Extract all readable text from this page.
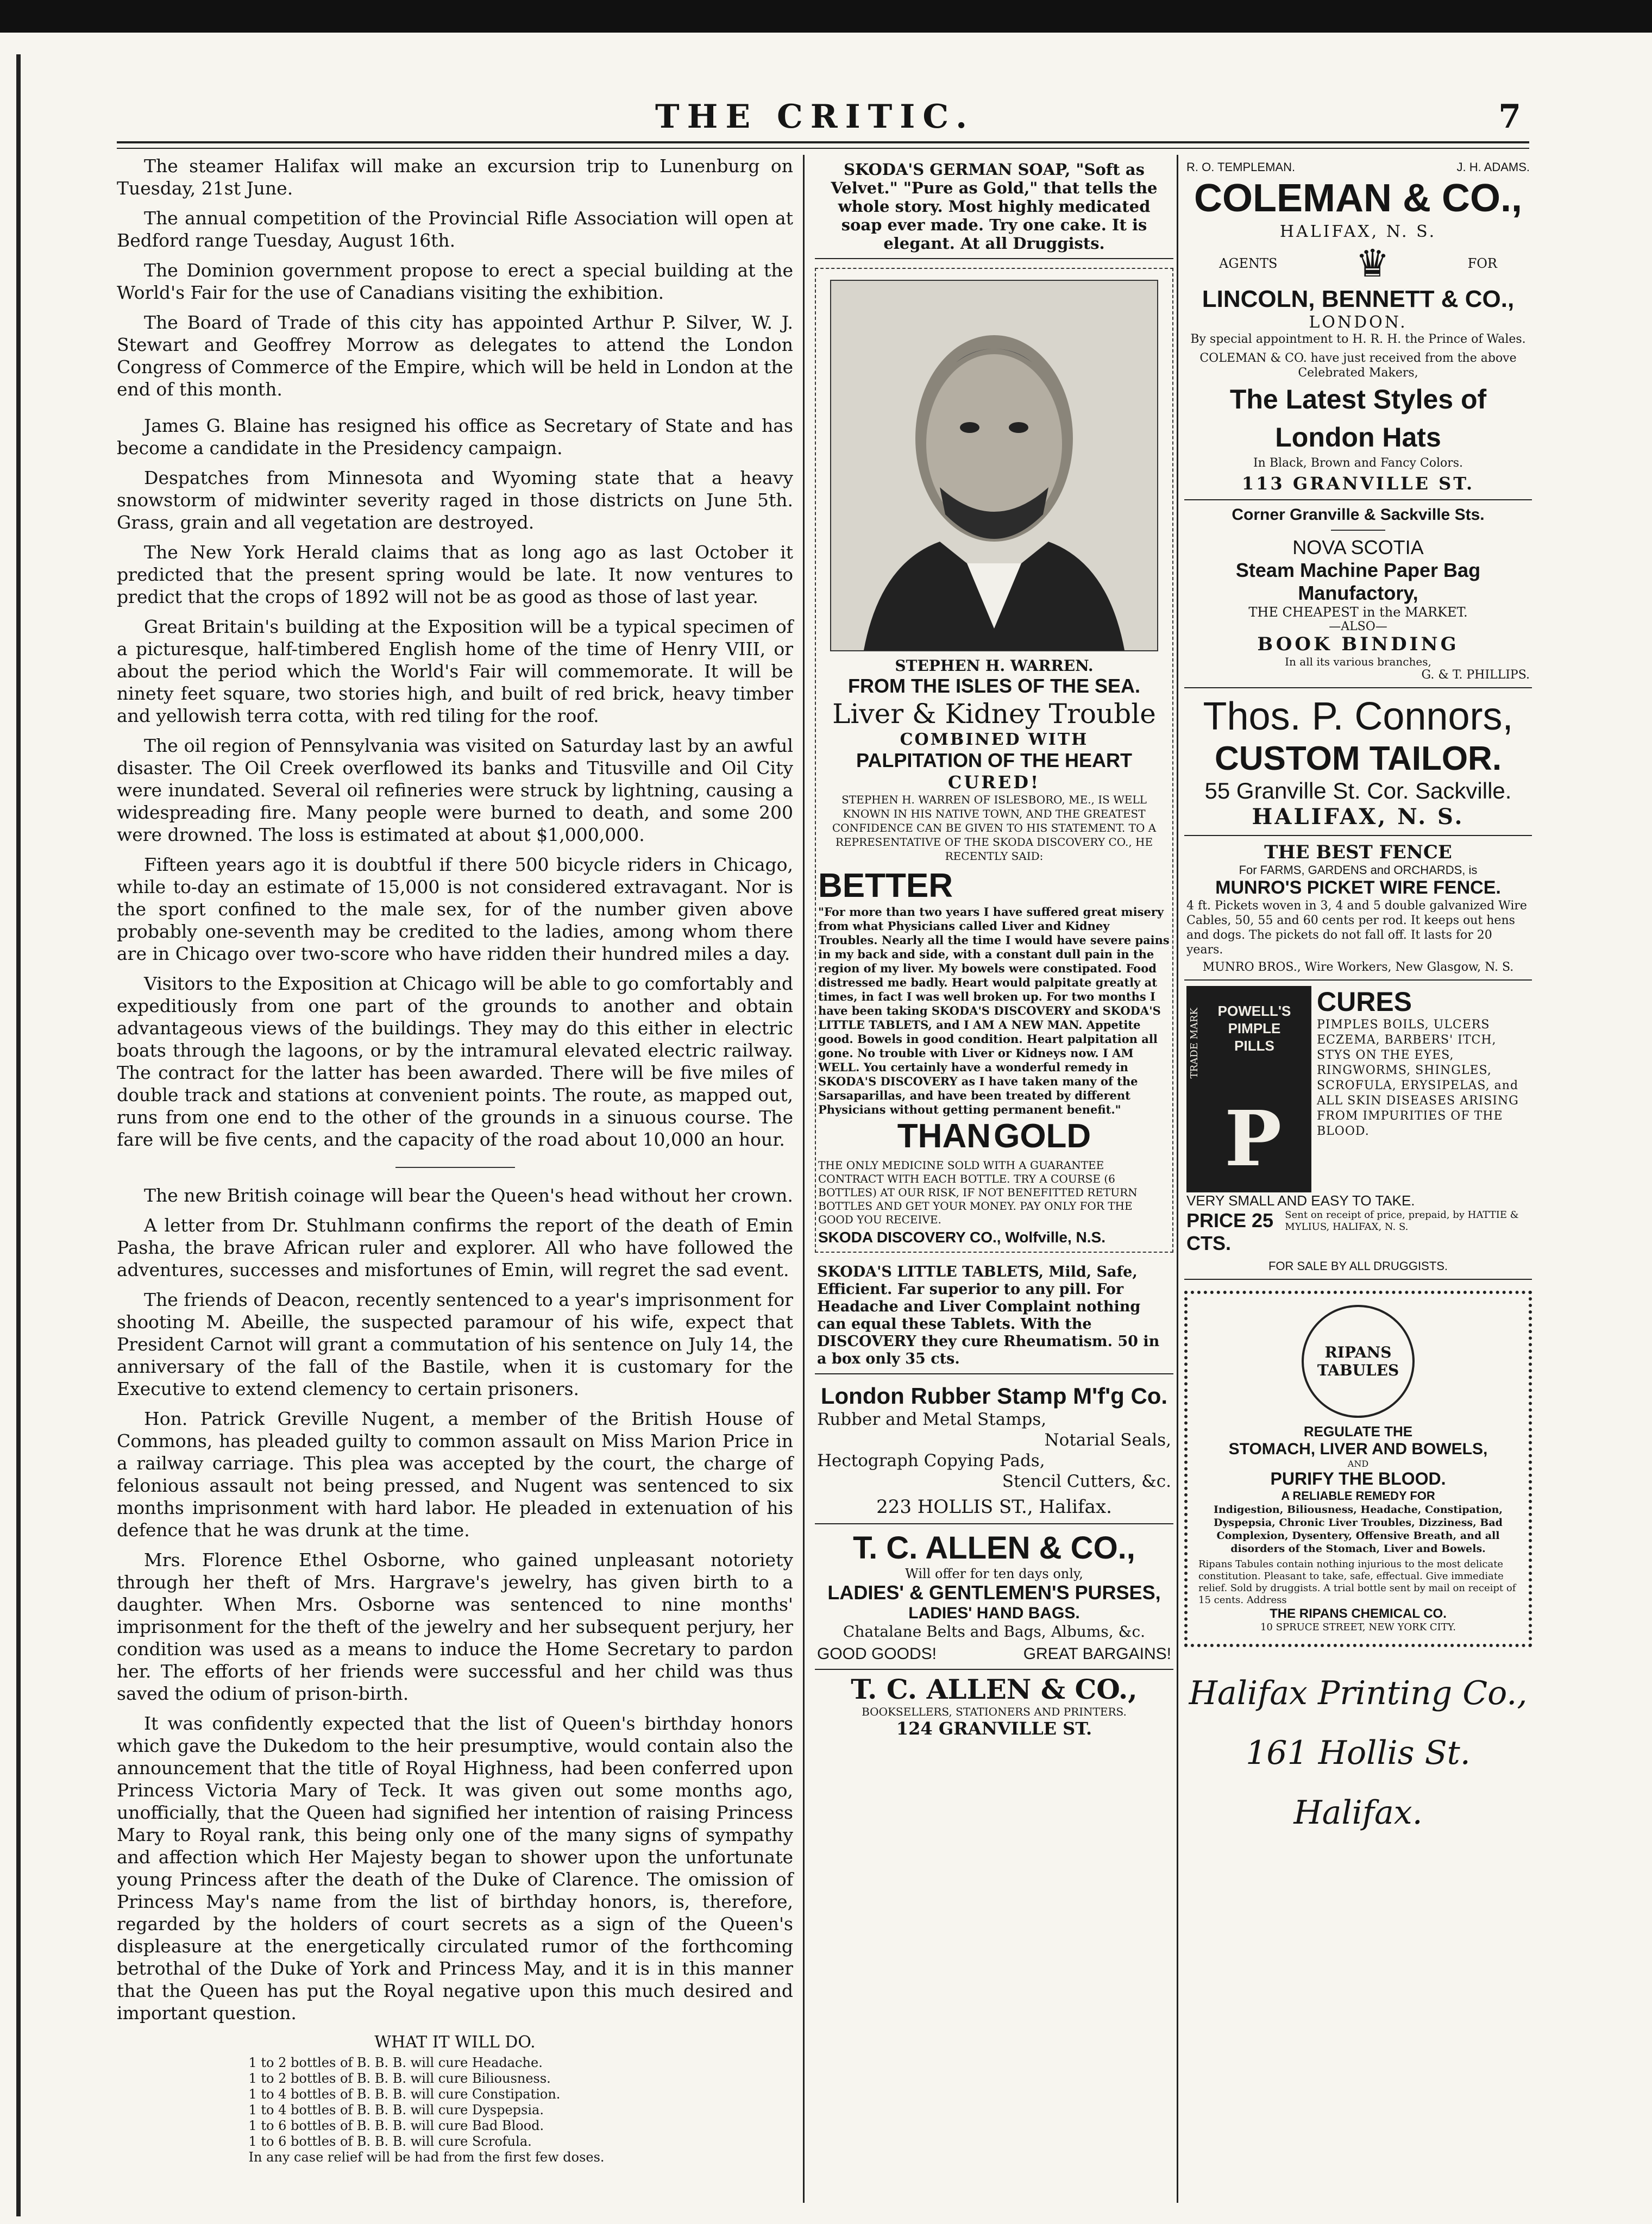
THE CRITIC.	7

The steamer Halifax will make an excursion trip to Lunenburg on Tuesday, 21st June.

The annual competition of the Provincial Rifle Association will open at Bedford range Tuesday, August 16th.

The Dominion government propose to erect a special building at the World's Fair for the use of Canadians visiting the exhibition.

The Board of Trade of this city has appointed Arthur P. Silver, W. J. Stewart and Geoffrey Morrow as delegates to attend the London Congress of Commerce of the Empire, which will be held in London at the end of this month.

James G. Blaine has resigned his office as Secretary of State and has become a candidate in the Presidency campaign.

Despatches from Minnesota and Wyoming state that a heavy snowstorm of midwinter severity raged in those districts on June 5th. Grass, grain and all vegetation are destroyed.

The New York Herald claims that as long ago as last October it predicted that the present spring would be late. It now ventures to predict that the crops of 1892 will not be as good as those of last year.

Great Britain's building at the Exposition will be a typical specimen of a picturesque, half-timbered English home of the time of Henry VIII, or about the period which the World's Fair will commemorate. It will be ninety feet square, two stories high, and built of red brick, heavy timber and yellowish terra cotta, with red tiling for the roof.

The oil region of Pennsylvania was visited on Saturday last by an awful disaster. The Oil Creek overflowed its banks and Titusville and Oil City were inundated. Several oil refineries were struck by lightning, causing a widespreading fire. Many people were burned to death, and some 200 were drowned. The loss is estimated at about $1,000,000.

Fifteen years ago it is doubtful if there 500 bicycle riders in Chicago, while to-day an estimate of 15,000 is not considered extravagant. Nor is the sport confined to the male sex, for of the number given above probably one-seventh may be credited to the ladies, among whom there are in Chicago over two-score who have ridden their hundred miles a day.

Visitors to the Exposition at Chicago will be able to go comfortably and expeditiously from one part of the grounds to another and obtain advantageous views of the buildings. They may do this either in electric boats through the lagoons, or by the intramural elevated electric railway. The contract for the latter has been awarded. There will be five miles of double track and stations at convenient points. The route, as mapped out, runs from one end to the other of the grounds in a sinuous course. The fare will be five cents, and the capacity of the road about 10,000 an hour.

The new British coinage will bear the Queen's head without her crown.

A letter from Dr. Stuhlmann confirms the report of the death of Emin Pasha, the brave African ruler and explorer. All who have followed the adventures, successes and misfortunes of Emin, will regret the sad event.

The friends of Deacon, recently sentenced to a year's imprisonment for shooting M. Abeille, the suspected paramour of his wife, expect that President Carnot will grant a commutation of his sentence on July 14, the anniversary of the fall of the Bastile, when it is customary for the Executive to extend clemency to certain prisoners.

Hon. Patrick Greville Nugent, a member of the British House of Commons, has pleaded guilty to common assault on Miss Marion Price in a railway carriage. This plea was accepted by the court, the charge of felonious assault not being pressed, and Nugent was sentenced to six months imprisonment with hard labor. He pleaded in extenuation of his defence that he was drunk at the time.

Mrs. Florence Ethel Osborne, who gained unpleasant notoriety through her theft of Mrs. Hargrave's jewelry, has given birth to a daughter. When Mrs. Osborne was sentenced to nine months' imprisonment for the theft of the jewelry and her subsequent perjury, her condition was used as a means to induce the Home Secretary to pardon her. The efforts of her friends were successful and her child was thus saved the odium of prison-birth.

It was confidently expected that the list of Queen's birthday honors which gave the Dukedom to the heir presumptive, would contain also the announcement that the title of Royal Highness, had been conferred upon Princess Victoria Mary of Teck. It was given out some months ago, unofficially, that the Queen had signified her intention of raising Princess Mary to Royal rank, this being only one of the many signs of sympathy and affection which Her Majesty began to shower upon the unfortunate young Princess after the death of the Duke of Clarence. The omission of Princess May's name from the list of birthday honors, is, therefore, regarded by the holders of court secrets as a sign of the Queen's displeasure at the energetically circulated rumor of the forthcoming betrothal of the Duke of York and Princess May, and it is in this manner that the Queen has put the Royal negative upon this much desired and important question.

WHAT IT WILL DO.
1 to 2 bottles of B. B. B. will cure Headache.
1 to 2 bottles of B. B. B. will cure Biliousness.
1 to 4 bottles of B. B. B. will cure Constipation.
1 to 4 bottles of B. B. B. will cure Dyspepsia.
1 to 6 bottles of B. B. B. will cure Bad Blood.
1 to 6 bottles of B. B. B. will cure Scrofula.
In any case relief will be had from the first few doses.
SKODA'S GERMAN SOAP, "Soft as Velvet." "Pure as Gold," that tells the whole story. Most highly medicated soap ever made. Try one cake. It is elegant. At all Druggists.
STEPHEN H. WARREN.
FROM THE ISLES OF THE SEA.
Liver & Kidney Trouble
COMBINED WITH
PALPITATION OF THE HEART
CURED!
STEPHEN H. WARREN OF ISLESBORO, ME., IS WELL KNOWN IN HIS NATIVE TOWN, AND THE GREATEST CONFIDENCE CAN BE GIVEN TO HIS STATEMENT. TO A REPRESENTATIVE OF THE SKODA DISCOVERY CO., HE RECENTLY SAID:
BETTER
"For more than two years I have suffered great misery from what Physicians called Liver and Kidney Troubles. Nearly all the time I would have severe pains in my back and side, with a constant dull pain in the region of my liver. My bowels were constipated. Food distressed me badly. Heart would palpitate greatly at times, in fact I was well broken up. For two months I have been taking SKODA'S DISCOVERY and SKODA'S LITTLE TABLETS, and I AM A NEW MAN. Appetite good. Bowels in good condition. Heart palpitation all gone. No trouble with Liver or Kidneys now. I AM WELL. You certainly have a wonderful remedy in SKODA'S DISCOVERY as I have taken many of the Sarsaparillas, and have been treated by different Physicians without getting permanent benefit."
THAN GOLD
THE ONLY MEDICINE SOLD WITH A GUARANTEE CONTRACT WITH EACH BOTTLE. TRY A COURSE (6 BOTTLES) AT OUR RISK, IF NOT BENEFITTED RETURN BOTTLES AND GET YOUR MONEY. PAY ONLY FOR THE GOOD YOU RECEIVE.
SKODA DISCOVERY CO., Wolfville, N.S.
SKODA'S LITTLE TABLETS, Mild, Safe, Efficient. Far superior to any pill. For Headache and Liver Complaint nothing can equal these Tablets. With the DISCOVERY they cure Rheumatism. 50 in a box only 35 cts.
London Rubber Stamp M'f'g Co.
Rubber and Metal Stamps,
Notarial Seals,
Hectograph Copying Pads,
Stencil Cutters, &c.
223 HOLLIS ST., Halifax.
T. C. ALLEN & CO.,
Will offer for ten days only,
LADIES' & GENTLEMEN'S PURSES,
LADIES' HAND BAGS.
Chatalane Belts and Bags, Albums, &c.
GOOD GOODS!	GREAT BARGAINS!
T. C. ALLEN & CO.,
BOOKSELLERS, STATIONERS AND PRINTERS.
124 GRANVILLE ST.
R. O. TEMPLEMAN.	J. H. ADAMS.
COLEMAN & CO.,
HALIFAX, N. S.
AGENTS ♛	FOR
LINCOLN, BENNETT & CO.,
LONDON.
By special appointment to H. R. H. the Prince of Wales.
COLEMAN & CO. have just received from the above Celebrated Makers,
The Latest Styles of London Hats
In Black, Brown and Fancy Colors.
113 GRANVILLE ST.
Corner Granville & Sackville Sts.
NOVA SCOTIA
Steam Machine Paper Bag Manufactory,
THE CHEAPEST in the MARKET.
—ALSO—
BOOK BINDING
In all its various branches,
G. & T. PHILLIPS.
Thos. P. Connors,
CUSTOM TAILOR.
55 Granville St. Cor. Sackville.
HALIFAX, N. S.
THE BEST FENCE
For FARMS, GARDENS and ORCHARDS, is
MUNRO'S PICKET WIRE FENCE.
4 ft. Pickets woven in 3, 4 and 5 double galvanized Wire Cables, 50, 55 and 60 cents per rod. It keeps out hens and dogs. The pickets do not fall off. It lasts for 20 years.
MUNRO BROS., Wire Workers, New Glasgow, N. S.
TRADE MARK	POWELL'S PIMPLE PILLS
P
CURES
PIMPLES BOILS, ULCERS ECZEMA, BARBERS' ITCH, STYS ON THE EYES, RINGWORMS, SHINGLES, SCROFULA, ERYSIPELAS, and ALL SKIN DISEASES ARISING FROM IMPURITIES OF THE BLOOD.
VERY SMALL AND EASY TO TAKE.
PRICE 25 CTS.
Sent on receipt of price, prepaid, by HATTIE & MYLIUS, HALIFAX, N. S.
FOR SALE BY ALL DRUGGISTS.
RIPANS TABULES
REGULATE THE
STOMACH, LIVER AND BOWELS,
AND
PURIFY THE BLOOD.
A RELIABLE REMEDY FOR
Indigestion, Biliousness, Headache, Constipation, Dyspepsia, Chronic Liver Troubles, Dizziness, Bad Complexion, Dysentery, Offensive Breath, and all disorders of the Stomach, Liver and Bowels.
Ripans Tabules contain nothing injurious to the most delicate constitution. Pleasant to take, safe, effectual. Give immediate relief. Sold by druggists. A trial bottle sent by mail on receipt of 15 cents. Address
THE RIPANS CHEMICAL CO.
10 SPRUCE STREET, NEW YORK CITY.
Halifax Printing Co.,
161 Hollis St.
Halifax.
